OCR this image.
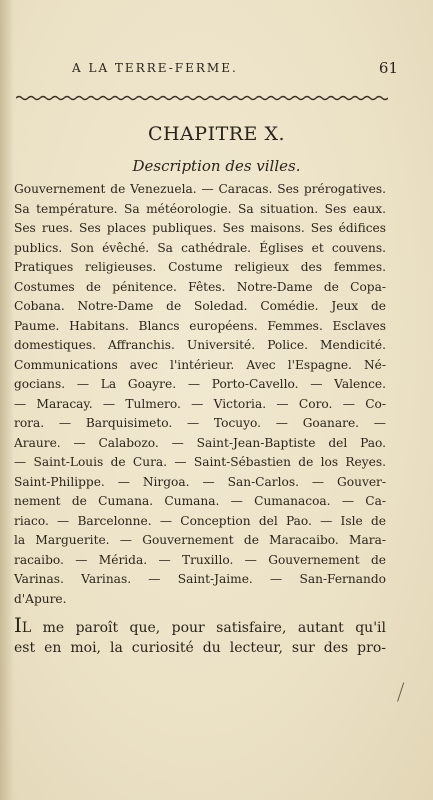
A LA TERRE-FERME.	61
CHAPITRE X.
Description des villes.
Gouvernement de Venezuela. — Caracas. Ses prérogatives.
Sa température. Sa météorologie. Sa situation. Ses eaux.
Ses rues. Ses places publiques. Ses maisons. Ses édifices
publics. Son évêché. Sa cathédrale. Églises et couvens.
Pratiques religieuses. Costume religieux des femmes.
Costumes de pénitence. Fêtes. Notre-Dame de Copa-
Cobana. Notre-Dame de Soledad. Comédie. Jeux de
Paume. Habitans. Blancs européens. Femmes. Esclaves
domestiques. Affranchis. Université. Police. Mendicité.
Communications avec l'intérieur. Avec l'Espagne. Né-
gocians. — La Goayre. — Porto-Cavello. — Valence.
— Maracay. — Tulmero. — Victoria. — Coro. — Co-
rora. — Barquisimeto. — Tocuyo. — Goanare. —
Araure. — Calabozo. — Saint-Jean-Baptiste del Pao.
— Saint-Louis de Cura. — Saint-Sébastien de los Reyes.
Saint-Philippe. — Nirgoa. — San-Carlos. — Gouver-
nement de Cumana. Cumana. — Cumanacoa. — Ca-
riaco. — Barcelonne. — Conception del Pao. — Isle de
la Marguerite. — Gouvernement de Maracaibo. Mara-
racaibo. — Mérida. — Truxillo. — Gouvernement de
Varinas. Varinas. — Saint-Jaime. — San-Fernando
d'Apure.
IL me paroît que, pour satisfaire, autant qu'il
est en moi, la curiosité du lecteur, sur des pro-
